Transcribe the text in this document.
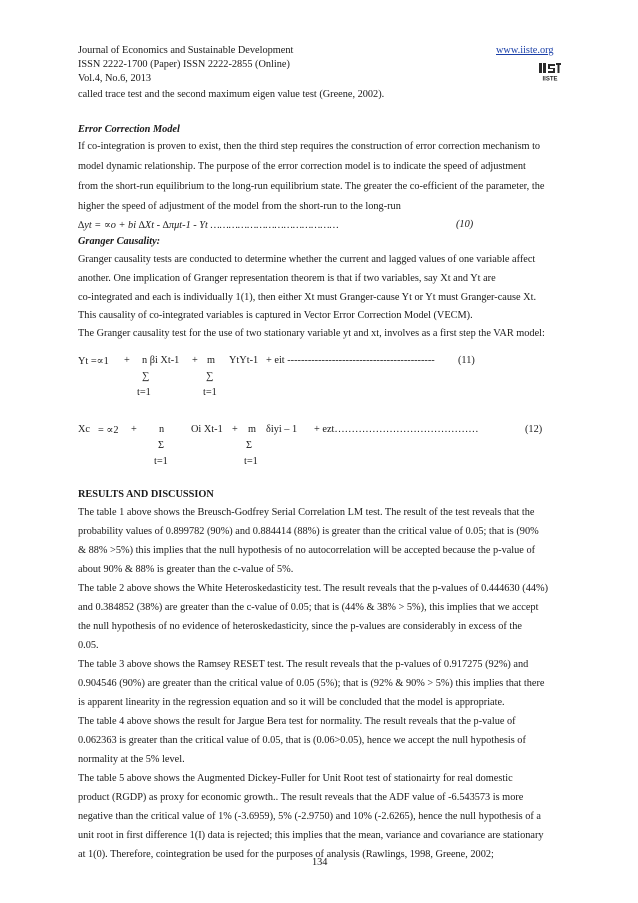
Journal of Economics and Sustainable Development
ISSN 2222-1700 (Paper) ISSN 2222-2855 (Online)
Vol.4, No.6, 2013
www.iiste.org
IISTE
called trace test and the second maximum eigen value test (Greene, 2002).
Error Correction Model
If co-integration is proven to exist, then the third step requires the construction of error correction mechanism to
model dynamic relationship. The purpose of the error correction model is to indicate the speed of adjustment
from the short-run equilibrium to the long-run equilibrium state. The greater the co-efficient of the parameter, the
higher the speed of adjustment of the model from the short-run to the long-run
∆yt = ∝o + bi ∆Xt - ∆πμt-1 - Yt ……………………………………	(10)
Granger Causality:
Granger causality tests are conducted to determine whether the current and lagged values of one variable affect
another. One implication of Granger representation theorem is that if two variables, say Xt and Yt are
co-integrated and each is individually 1(1), then either Xt must Granger-cause Yt or Yt must Granger-cause Xt.
This causality of co-integrated variables is captured in Vector Error Correction Model (VECM).
The Granger causality test for the use of two stationary variable yt and xt, involves as a first step the VAR model:
Yt =∝1 + n βi Xt-1 + m YtYt-1 + eit ------------------------------------------- (11)
∑	∑
t=1	t=1
Xc = ∝2 + n	Oi Xt-1 + m δiyi – 1 + ezt……………………………………	(12)
Σ	Σ
t=1	t=1
RESULTS AND DISCUSSION
The table 1 above shows the Breusch-Godfrey Serial Correlation LM test. The result of the test reveals that the
probability values of 0.899782 (90%) and 0.884414 (88%) is greater than the critical value of 0.05; that is (90%
& 88% >5%) this implies that the null hypothesis of no autocorrelation will be accepted because the p-value of
about 90% & 88% is greater than the c-value of 5%.
The table 2 above shows the White Heteroskedasticity test. The result reveals that the p-values of 0.444630 (44%)
and 0.384852 (38%) are greater than the c-value of 0.05; that is (44% & 38% > 5%), this implies that we accept
the null hypothesis of no evidence of heteroskedasticity, since the p-values are considerably in excess of the
0.05.
The table 3 above shows the Ramsey RESET test. The result reveals that the p-values of 0.917275 (92%) and
0.904546 (90%) are greater than the critical value of 0.05 (5%); that is (92% & 90% > 5%) this implies that there
is apparent linearity in the regression equation and so it will be concluded that the model is appropriate.
The table 4 above shows the result for Jargue Bera test for normality. The result reveals that the p-value of
0.062363 is greater than the critical value of 0.05, that is (0.06>0.05), hence we accept the null hypothesis of
normality at the 5% level.
The table 5 above shows the Augmented Dickey-Fuller for Unit Root test of stationairty for real domestic
product (RGDP) as proxy for economic growth.. The result reveals that the ADF value of -6.543573 is more
negative than the critical value of 1% (-3.6959), 5% (-2.9750) and 10% (-2.6265), hence the null hypothesis of a
unit root in first difference 1(I) data is rejected; this implies that the mean, variance and covariance are stationary
at 1(0). Therefore, cointegration be used for the purposes of analysis (Rawlings, 1998, Greene, 2002;
134
